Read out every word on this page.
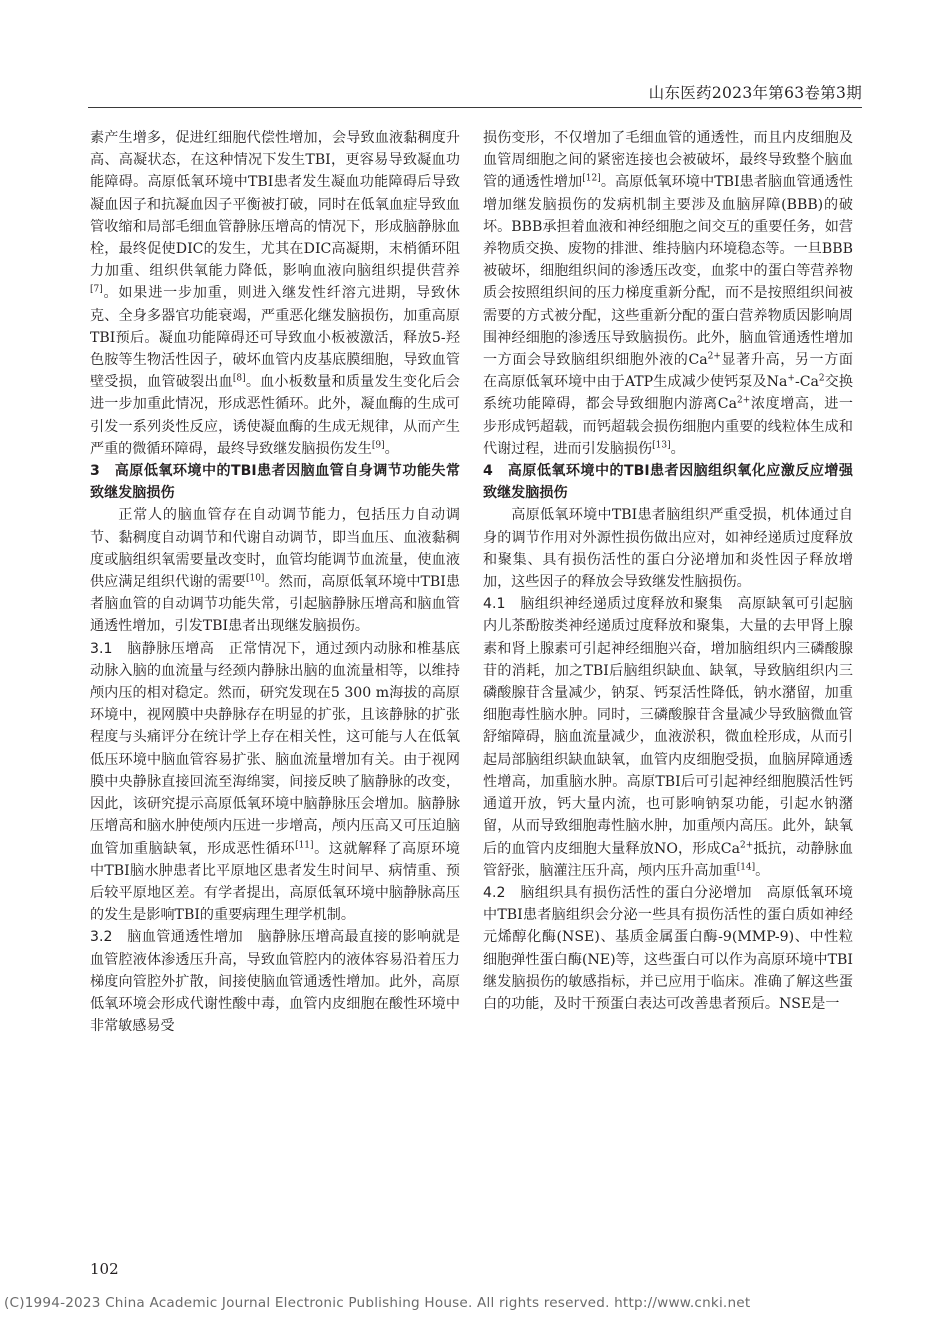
山东医药2023年第63卷第3期

素产生增多，促进红细胞代偿性增加，会导致血液黏稠度升高、高凝状态，在这种情况下发生TBI，更容易导致凝血功能障碍。高原低氧环境中TBI患者发生凝血功能障碍后导致凝血因子和抗凝血因子平衡被打破，同时在低氧血症导致血管收缩和局部毛细血管静脉压增高的情况下，形成脑静脉血栓，最终促使DIC的发生，尤其在DIC高凝期，末梢循环阻力加重、组织供氧能力降低，影响血液向脑组织提供营养[7]。如果进一步加重，则进入继发性纤溶亢进期，导致休克、全身多器官功能衰竭，严重恶化继发脑损伤，加重高原TBI预后。凝血功能障碍还可导致血小板被激活，释放5-羟色胺等生物活性因子，破坏血管内皮基底膜细胞，导致血管壁受损，血管破裂出血[8]。血小板数量和质量发生变化后会进一步加重此情况，形成恶性循环。此外，凝血酶的生成可引发一系列炎性反应，诱使凝血酶的生成无规律，从而产生严重的微循环障碍，最终导致继发脑损伤发生[9]。

3　高原低氧环境中的TBI患者因脑血管自身调节功能失常致继发脑损伤

正常人的脑血管存在自动调节能力，包括压力自动调节、黏稠度自动调节和代谢自动调节，即当血压、血液黏稠度或脑组织氧需要量改变时，血管均能调节血流量，使血液供应满足组织代谢的需要[10]。然而，高原低氧环境中TBI患者脑血管的自动调节功能失常，引起脑静脉压增高和脑血管通透性增加，引发TBI患者出现继发脑损伤。

3.1　脑静脉压增高　正常情况下，通过颈内动脉和椎基底动脉入脑的血流量与经颈内静脉出脑的血流量相等，以维持颅内压的相对稳定。然而，研究发现在5 300 m海拔的高原环境中，视网膜中央静脉存在明显的扩张，且该静脉的扩张程度与头痛评分在统计学上存在相关性，这可能与人在低氧低压环境中脑血管容易扩张、脑血流量增加有关。由于视网膜中央静脉直接回流至海绵窦，间接反映了脑静脉的改变，因此，该研究提示高原低氧环境中脑静脉压会增加。脑静脉压增高和脑水肿使颅内压进一步增高，颅内压高又可压迫脑血管加重脑缺氧，形成恶性循环[11]。这就解释了高原环境中TBI脑水肿患者比平原地区患者发生时间早、病情重、预后较平原地区差。有学者提出，高原低氧环境中脑静脉高压的发生是影响TBI的重要病理生理学机制。

3.2　脑血管通透性增加　脑静脉压增高最直接的影响就是血管腔液体渗透压升高，导致血管腔内的液体容易沿着压力梯度向管腔外扩散，间接使脑血管通透性增加。此外，高原低氧环境会形成代谢性酸中毒，血管内皮细胞在酸性环境中非常敏感易受

损伤变形，不仅增加了毛细血管的通透性，而且内皮细胞及血管周细胞之间的紧密连接也会被破坏，最终导致整个脑血管的通透性增加[12]。高原低氧环境中TBI患者脑血管通透性增加继发脑损伤的发病机制主要涉及血脑屏障(BBB)的破坏。BBB承担着血液和神经细胞之间交互的重要任务，如营养物质交换、废物的排泄、维持脑内环境稳态等。一旦BBB被破坏，细胞组织间的渗透压改变，血浆中的蛋白等营养物质会按照组织间的压力梯度重新分配，而不是按照组织间被需要的方式被分配，这些重新分配的蛋白营养物质因影响周围神经细胞的渗透压导致脑损伤。此外，脑血管通透性增加一方面会导致脑组织细胞外液的$Ca^{2+}$显著升高，另一方面在高原低氧环境中由于ATP生成减少使钙泵及Na+-Ca$^2$交换系统功能障碍，都会导致细胞内游离$Ca^{2+}$浓度增高，进一步形成钙超载，而钙超载会损伤细胞内重要的线粒体生成和代谢过程，进而引发脑损伤[13]。

4　高原低氧环境中的TBI患者因脑组织氧化应激反应增强致继发脑损伤

高原低氧环境中TBI患者脑组织严重受损，机体通过自身的调节作用对外源性损伤做出应对，如神经递质过度释放和聚集、具有损伤活性的蛋白分泌增加和炎性因子释放增加，这些因子的释放会导致继发性脑损伤。

4.1　脑组织神经递质过度释放和聚集　高原缺氧可引起脑内儿茶酚胺类神经递质过度释放和聚集，大量的去甲肾上腺素和肾上腺素可引起神经细胞兴奋，增加脑组织内三磷酸腺苷的消耗，加之TBI后脑组织缺血、缺氧，导致脑组织内三磷酸腺苷含量减少，钠泵、钙泵活性降低，钠水潴留，加重细胞毒性脑水肿。同时，三磷酸腺苷含量减少导致脑微血管舒缩障碍，脑血流量减少，血液淤积，微血栓形成，从而引起局部脑组织缺血缺氧，血管内皮细胞受损，血脑屏障通透性增高，加重脑水肿。高原TBI后可引起神经细胞膜活性钙通道开放，钙大量内流，也可影响钠泵功能，引起水钠潴留，从而导致细胞毒性脑水肿，加重颅内高压。此外，缺氧后的血管内皮细胞大量释放NO，形成$Ca^{2+}$抵抗，动静脉血管舒张，脑灌注压升高，颅内压升高加重[14]。

4.2　脑组织具有损伤活性的蛋白分泌增加　高原低氧环境中TBI患者脑组织会分泌一些具有损伤活性的蛋白质如神经元烯醇化酶(NSE)、基质金属蛋白酶-9(MMP-9)、中性粒细胞弹性蛋白酶(NE)等，这些蛋白可以作为高原环境中TBI继发脑损伤的敏感指标，并已应用于临床。准确了解这些蛋白的功能，及时干预蛋白表达可改善患者预后。NSE是一

102
(C)1994-2023 China Academic Journal Electronic Publishing House. All rights reserved. http://www.cnki.net
